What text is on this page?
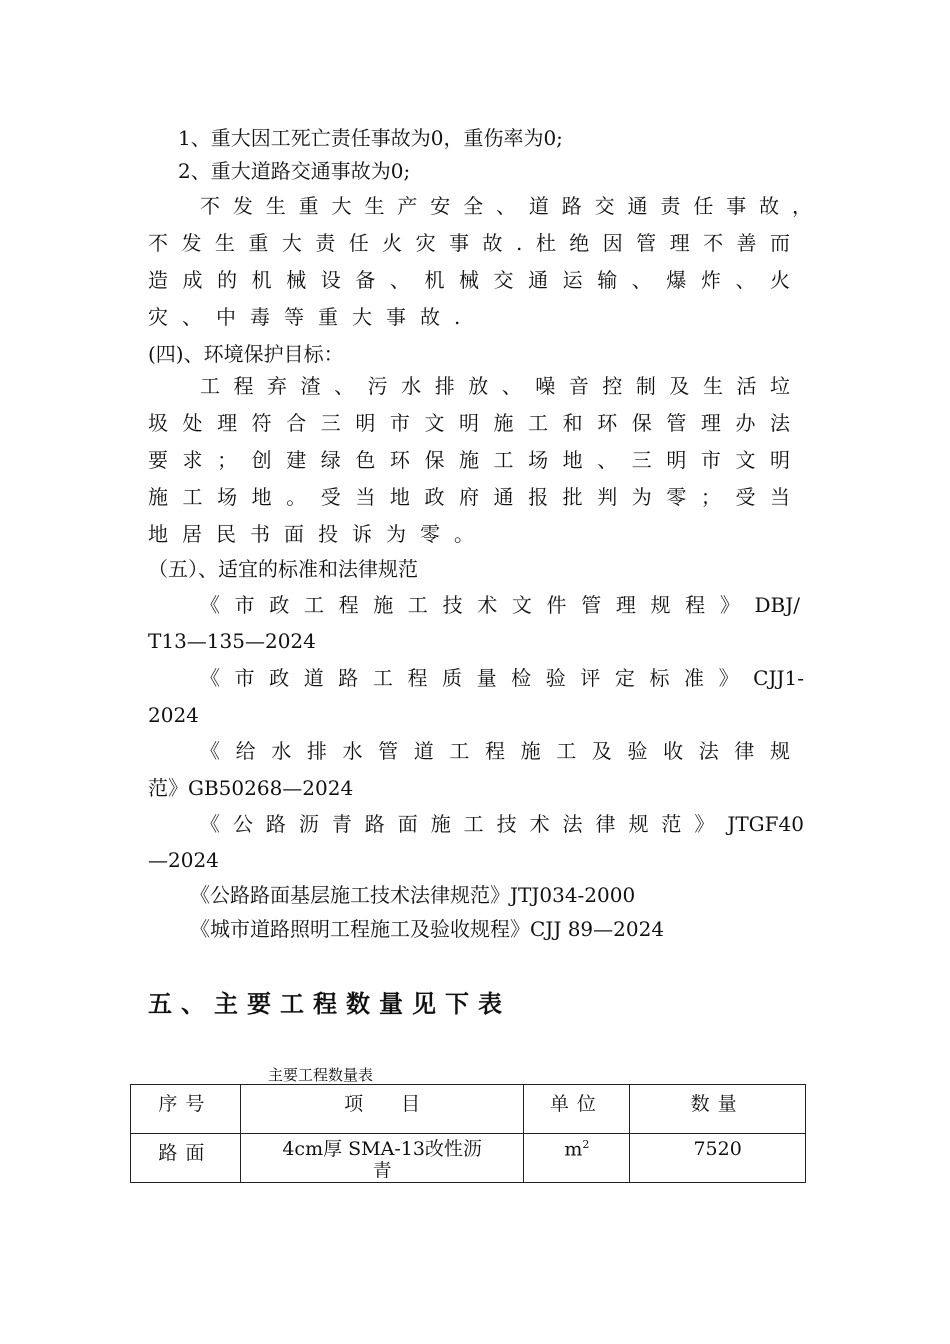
1、重大因工死亡责任事故为0，重伤率为0;
2、重大道路交通事故为0;
不发生重大生产安全、道路交通责任事故，
不发生重大责任火灾事故.杜绝因管理不善而
造成的机械设备、机械交通运输、爆炸、火
灾、中毒等重大事故.
(四)、环境保护目标：
工程弃渣、污水排放、噪音控制及生活垃
圾处理符合三明市文明施工和环保管理办法
要求；创建绿色环保施工场地、三明市文明
施工场地。受当地政府通报批判为零；受当
地居民书面投诉为零。
（五）、适宜的标准和法律规范
《市政工程施工技术文件管理规程》DBJ/
T13—135—2024
《市政道路工程质量检验评定标准》CJJ1-
2024
《给水排水管道工程施工及验收法律规
范》GB50268—2024
《公路沥青路面施工技术法律规范》JTGF40
—2024
《公路路面基层施工技术法律规范》JTJ034-2000
《城市道路照明工程施工及验收规程》CJJ 89—2024
五、主要工程数量见下表
主要工程数量表
序号	项　　目	单位	数量
路面	4cm厚 SMA-13改性沥青	$m^2$	7520
